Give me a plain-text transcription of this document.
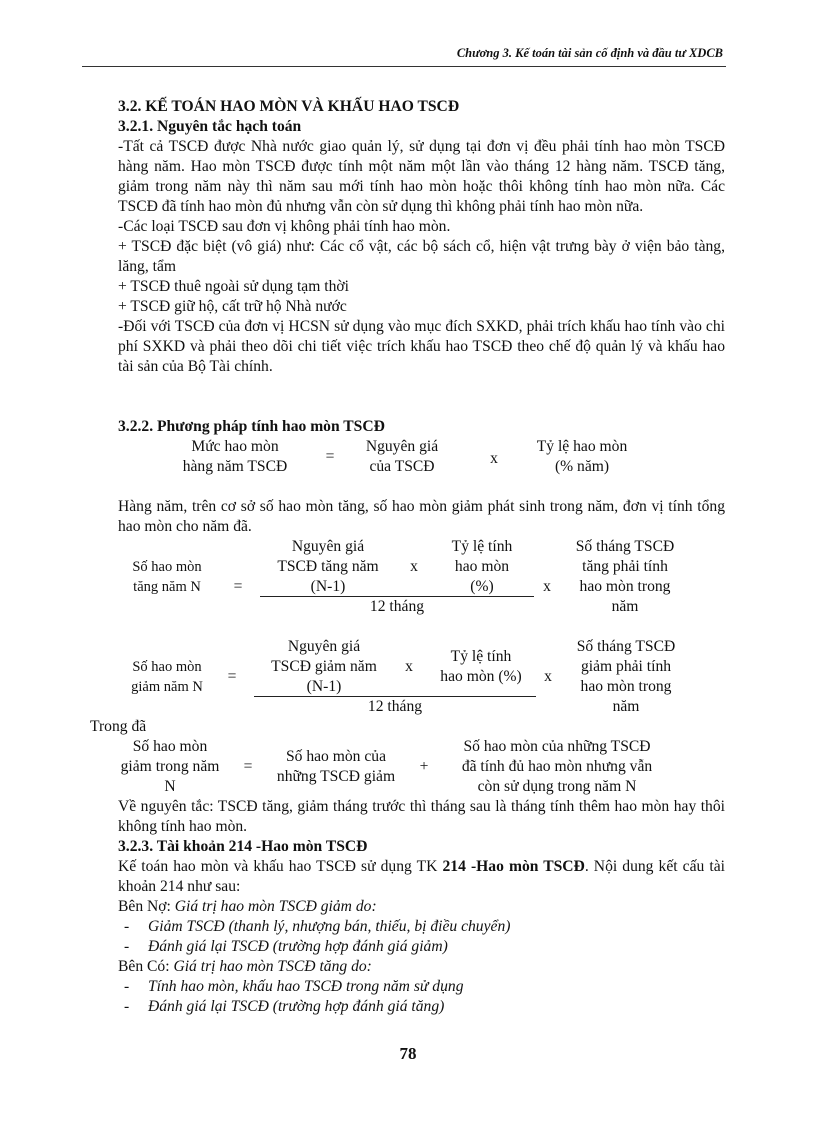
Chương 3. Kế toán tài sản cố định và đầu tư XDCB
3.2. KẾ TOÁN HAO MÒN VÀ KHẤU HAO TSCĐ
3.2.1. Nguyên tắc hạch toán
-Tất cả TSCĐ được Nhà nước giao quản lý, sử dụng tại đơn vị đều phải tính hao mòn TSCĐ hàng năm. Hao mòn TSCĐ được tính một năm một lần vào tháng 12 hàng năm. TSCĐ tăng, giảm trong năm này thì năm sau mới tính hao mòn hoặc thôi không tính hao mòn nữa. Các TSCĐ đã tính hao mòn đủ nhưng vẫn còn sử dụng thì không phải tính hao mòn nữa.
-Các loại TSCĐ sau đơn vị không phải tính hao mòn.
+ TSCĐ đặc biệt (vô giá) như: Các cổ vật, các bộ sách cổ, hiện vật trưng bày ở viện bảo tàng, lăng, tẩm
+ TSCĐ thuê ngoài sử dụng tạm thời
+ TSCĐ giữ hộ, cất trữ hộ Nhà nước
-Đối với TSCĐ của đơn vị HCSN sử dụng vào mục đích SXKD, phải trích khấu hao tính vào chi phí SXKD và phải theo dõi chi tiết việc trích khấu hao TSCĐ theo chế độ quản lý và khấu hao tài sản của Bộ Tài chính.
3.2.2. Phương pháp tính hao mòn TSCĐ
Mức hao mòn
hàng năm TSCĐ
=
Nguyên giá
của TSCĐ	x
Tỷ lệ hao mòn
(% năm)
Hàng năm, trên cơ sở số hao mòn tăng, số hao mòn giảm phát sinh trong năm, đơn vị tính tổng hao mòn cho năm đã.
Số hao mòn
tăng năm N	=
Nguyên giá
TSCĐ tăng năm
(N-1)
x
Tỷ lệ tính
hao mòn
(%)
12 tháng
x
Số tháng TSCĐ
tăng phải tính
hao mòn trong
năm
Số hao mòn
giảm năm N
=
Nguyên giá
TSCĐ giảm năm
(N-1)
x
Tỷ lệ tính
hao mòn (%)
12 tháng
x
Số tháng TSCĐ
giảm phải tính
hao mòn trong
năm
Trong đã
Số hao mòn
giảm trong năm
N
=
Số hao mòn của
những TSCĐ giảm
+
Số hao mòn của những TSCĐ
đã tính đủ hao mòn nhưng vẫn
còn sử dụng trong năm N
Về nguyên tắc: TSCĐ tăng, giảm tháng trước thì tháng sau là tháng tính thêm hao mòn hay thôi không tính hao mòn.
3.2.3. Tài khoản 214 -Hao mòn TSCĐ
Kế toán hao mòn và khấu hao TSCĐ sử dụng TK 214 -Hao mòn TSCĐ. Nội dung kết cấu tài khoản 214 như sau:
Bên Nợ: Giá trị hao mòn TSCĐ giảm do:
- Giảm TSCĐ (thanh lý, nhượng bán, thiếu, bị điều chuyển)
- Đánh giá lại TSCĐ (trường hợp đánh giá giảm)
Bên Có: Giá trị hao mòn TSCĐ tăng do:
- Tính hao mòn, khấu hao TSCĐ trong năm sử dụng
- Đánh giá lại TSCĐ (trường hợp đánh giá tăng)
78
